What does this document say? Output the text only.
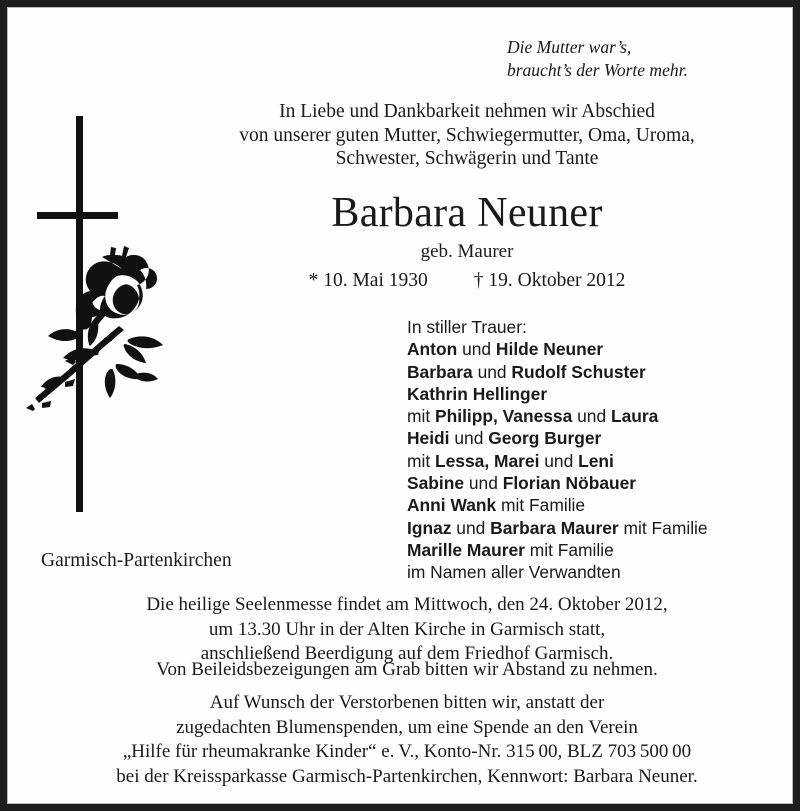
Die Mutter war’s,
braucht’s der Worte mehr.
In Liebe und Dankbarkeit nehmen wir Abschied
von unserer guten Mutter, Schwiegermutter, Oma, Uroma,
Schwester, Schwägerin und Tante
Barbara Neuner
geb. Maurer
* 10. Mai 1930 † 19. Oktober 2012
In stiller Trauer:
Anton und Hilde Neuner
Barbara und Rudolf Schuster
Kathrin Hellinger
mit Philipp, Vanessa und Laura
Heidi und Georg Burger
mit Lessa, Marei und Leni
Sabine und Florian Nöbauer
Anni Wank mit Familie
Ignaz und Barbara Maurer mit Familie
Marille Maurer mit Familie
im Namen aller Verwandten
Garmisch-Partenkirchen
Die heilige Seelenmesse findet am Mittwoch, den 24. Oktober 2012,
um 13.30 Uhr in der Alten Kirche in Garmisch statt,
anschließend Beerdigung auf dem Friedhof Garmisch.
Von Beileidsbezeigungen am Grab bitten wir Abstand zu nehmen.
Auf Wunsch der Verstorbenen bitten wir, anstatt der
zugedachten Blumenspenden, um eine Spende an den Verein
„Hilfe für rheumakranke Kinder“ e. V., Konto-Nr. 315 00, BLZ 703 500 00
bei der Kreissparkasse Garmisch-Partenkirchen, Kennwort: Barbara Neuner.
